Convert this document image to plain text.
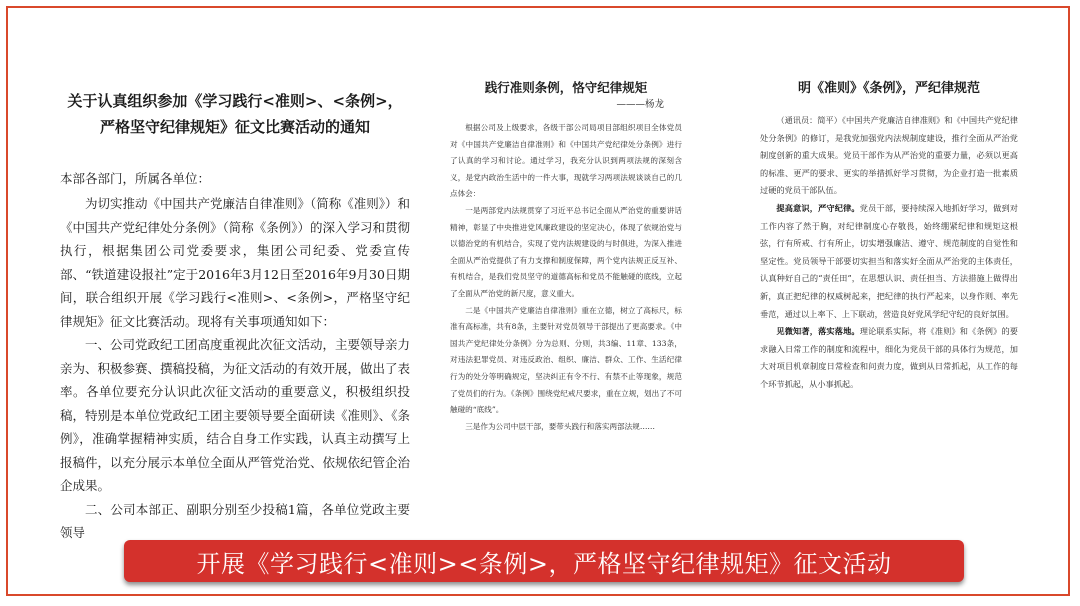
关于认真组织参加《学习践行<准则>、<条例>，
严格坚守纪律规矩》征文比赛活动的通知
本部各部门，所属各单位：

为切实推动《中国共产党廉洁自律准则》（简称《准则》）和《中国共产党纪律处分条例》（简称《条例》）的深入学习和贯彻执行，根据集团公司党委要求，集团公司纪委、党委宣传部、“铁道建设报社”定于2016年3月12日至2016年9月30日期间，联合组织开展《学习践行<准则>、<条例>，严格坚守纪律规矩》征文比赛活动。现将有关事项通知如下：

一、公司党政纪工团高度重视此次征文活动，主要领导亲力亲为、积极参赛、撰稿投稿，为征文活动的有效开展，做出了表率。各单位要充分认识此次征文活动的重要意义，积极组织投稿，特别是本单位党政纪工团主要领导要全面研读《准则》、《条例》，准确掌握精神实质，结合自身工作实践，认真主动撰写上报稿件，以充分展示本单位全面从严管党治党、依规依纪管企治企成果。

二、公司本部正、副职分别至少投稿1篇，各单位党政主要领导

践行准则条例，恪守纪律规矩
———杨龙

根据公司及上级要求，各级干部公司局项目部组织项目全体党员对《中国共产党廉洁自律准则》和《中国共产党纪律处分条例》进行了认真的学习和讨论。通过学习，我充分认识到两项法规的深刻含义，是党内政治生活中的一件大事，现就学习两项法规谈谈自己的几点体会：

一是两部党内法规贯穿了习近平总书记全面从严治党的重要讲话精神，彰显了中央推进党风廉政建设的坚定决心，体现了依规治党与以德治党的有机结合，实现了党内法规建设的与时俱进，为深入推进全面从严治党提供了有力支撑和制度保障，两个党内法规正反互补、有机结合，是我们党员坚守的道德高标和党员不能触碰的底线，立起了全面从严治党的新尺度，意义重大。

二是《中国共产党廉洁自律准则》重在立德，树立了高标尺，标准有高标准，共有8条，主要针对党员领导干部提出了更高要求。《中国共产党纪律处分条例》分为总则、分则，共3编、11章、133条，对违法犯罪党员、对违反政治、组织、廉洁、群众、工作、生活纪律行为的处分等明确规定，坚决纠正有令不行、有禁不止等现象，规范了党员们的行为。《条例》围绕党纪戒尺要求，重在立规，划出了不可触碰的“底线”。

三是作为公司中层干部，要带头践行和落实两部法规……

明《准则》《条例》，严纪律规范

（通讯员：简平）《中国共产党廉洁自律准则》和《中国共产党纪律处分条例》的修订，是我党加强党内法规制度建设，推行全面从严治党制度创新的重大成果。党员干部作为从严治党的重要力量，必须以更高的标准、更严的要求、更实的举措抓好学习贯彻，为企业打造一批素质过硬的党员干部队伍。

提高意识，严守纪律。党员干部，要持续深入地抓好学习，做到对工作内容了然于胸，对纪律制度心存敬畏，始终绷紧纪律和规矩这根弦，行有所戒、行有所止，切实增强廉洁、遵守、规范制度的自觉性和坚定性。党员领导干部要切实担当和落实好全面从严治党的主体责任，认真种好自己的“责任田”，在思想认识、责任担当、方法措施上做得出新，真正把纪律的权威树起来，把纪律的执行严起来，以身作则、率先垂范，通过以上率下、上下联动，营造良好党风学纪守纪的良好氛围。

见微知著，落实落地。理论联系实际，将《准则》和《条例》的要求融入日常工作的制度和流程中，细化为党员干部的具体行为规范，加大对项目机章制度日常检查和问责力度，做到从日常抓起，从工作的每个环节抓起，从小事抓起。

开展《学习践行<准则><条例>，严格坚守纪律规矩》征文活动
